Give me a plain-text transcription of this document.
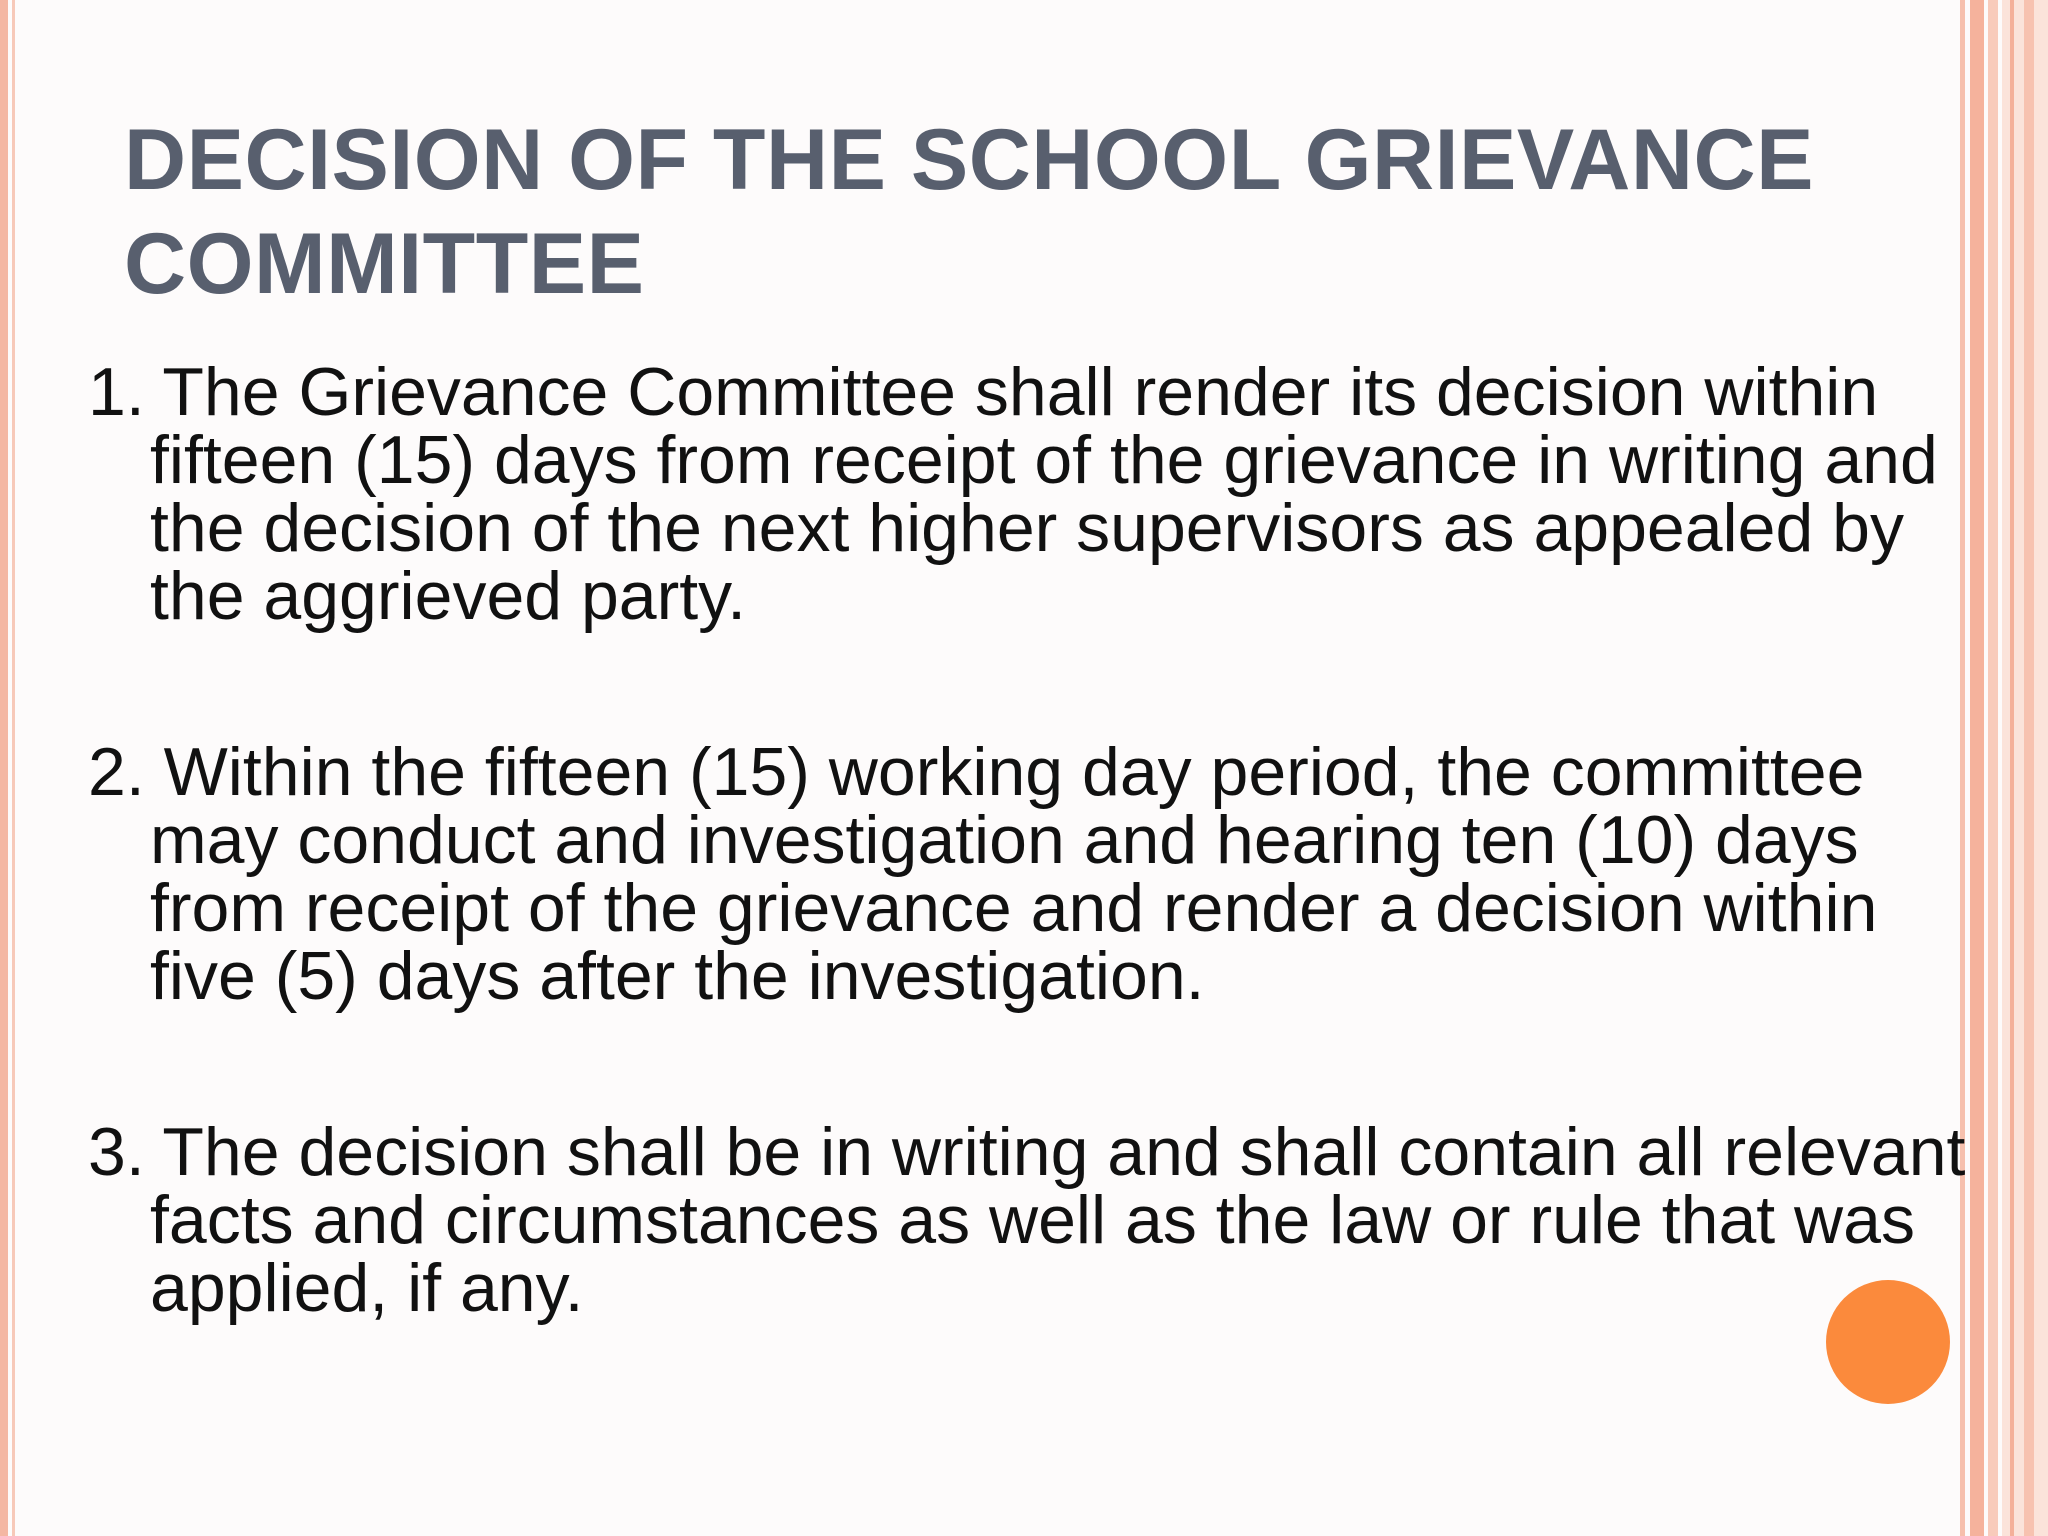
DECISION OF THE SCHOOL GRIEVANCE COMMITTEE
1. The Grievance Committee shall render its decision within fifteen (15) days from receipt of the grievance in writing and the decision of the next higher supervisors as appealed by the aggrieved party.
2. Within the fifteen (15) working day period, the committee may conduct and investigation and hearing ten (10) days from receipt of the grievance and render a decision within five (5) days after the investigation.
3. The decision shall be in writing and shall contain all relevant facts and circumstances as well as the law or rule that was applied, if any.
